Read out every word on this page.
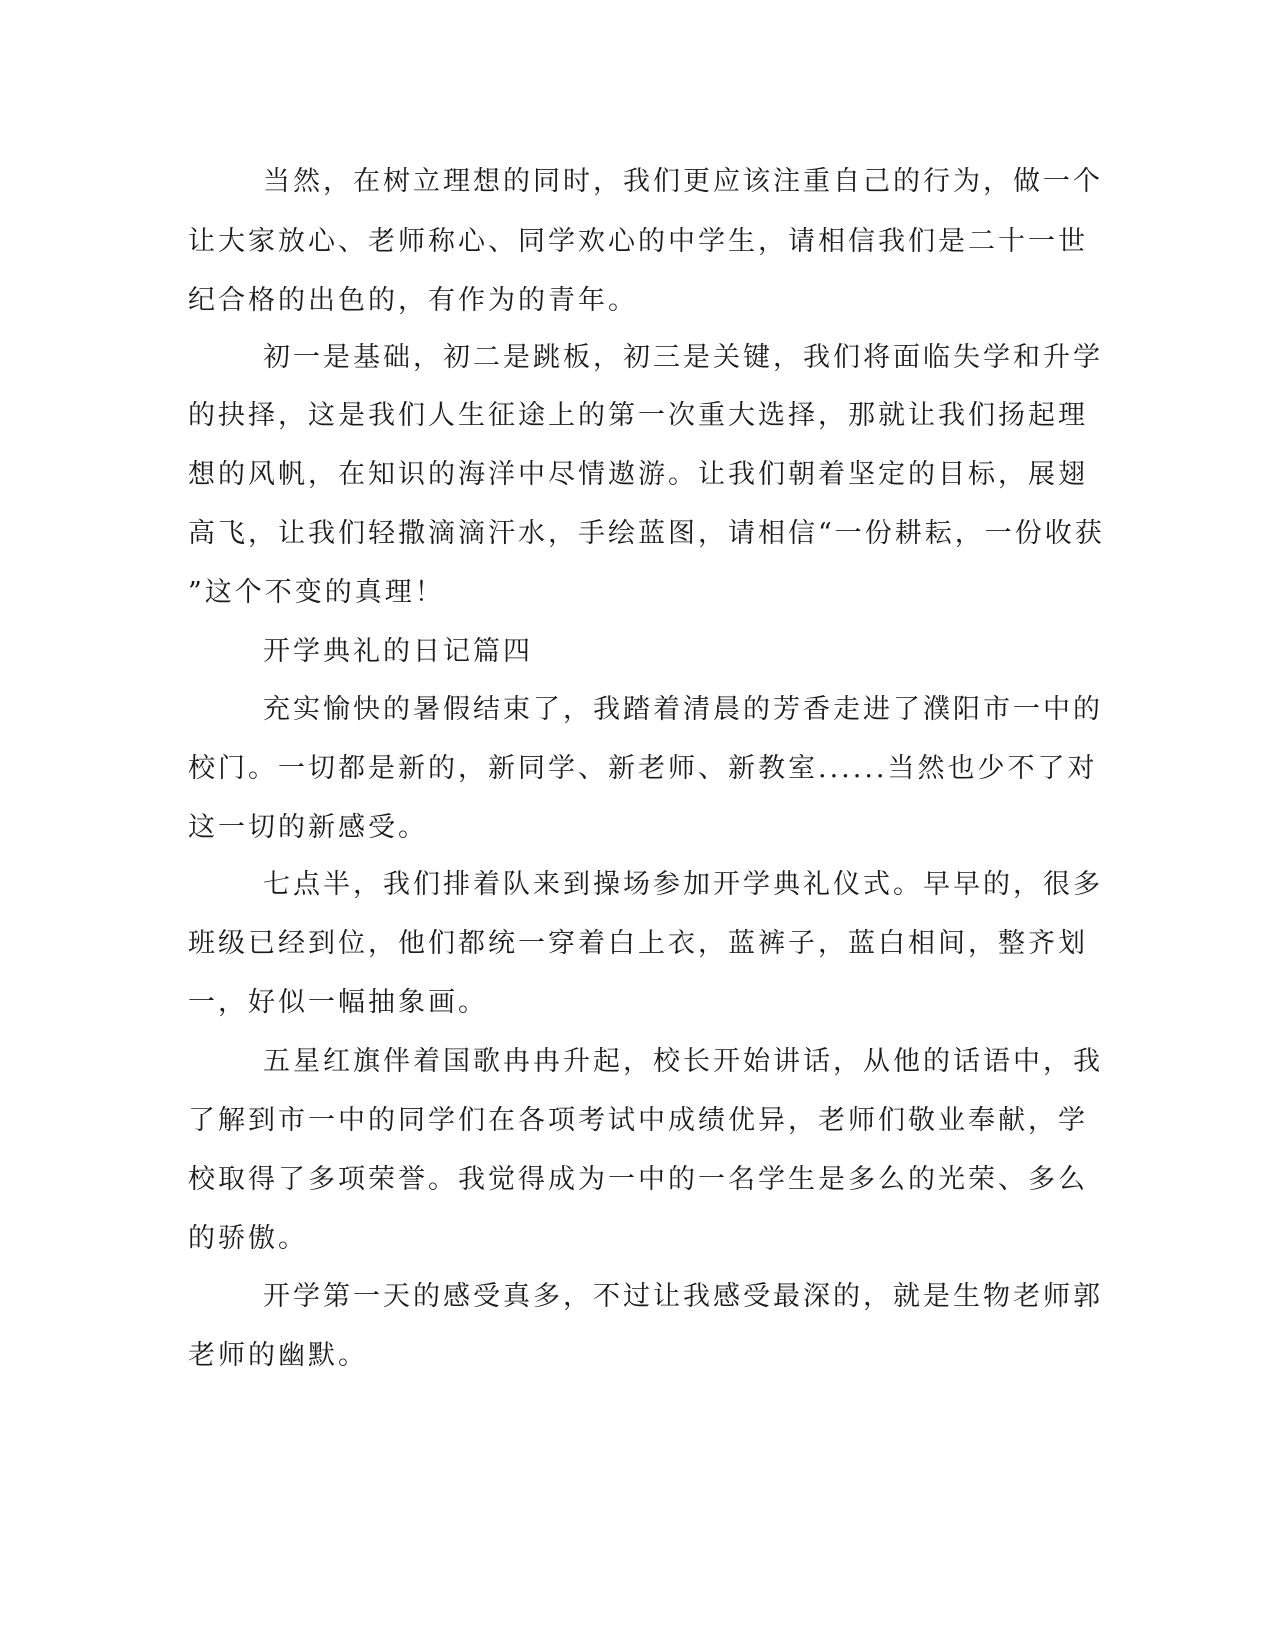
当然，在树立理想的同时，我们更应该注重自己的行为，做一个
让大家放心、老师称心、同学欢心的中学生，请相信我们是二十一世
纪合格的出色的，有作为的青年。
初一是基础，初二是跳板，初三是关键，我们将面临失学和升学
的抉择，这是我们人生征途上的第一次重大选择，那就让我们扬起理
想的风帆，在知识的海洋中尽情遨游。让我们朝着坚定的目标，展翅
高飞，让我们轻撒滴滴汗水，手绘蓝图，请相信“一份耕耘，一份收获
”这个不变的真理！
开学典礼的日记篇四
充实愉快的暑假结束了，我踏着清晨的芳香走进了濮阳市一中的
校门。一切都是新的，新同学、新老师、新教室......当然也少不了对
这一切的新感受。
七点半，我们排着队来到操场参加开学典礼仪式。早早的，很多
班级已经到位，他们都统一穿着白上衣，蓝裤子，蓝白相间，整齐划
一，好似一幅抽象画。
五星红旗伴着国歌冉冉升起，校长开始讲话，从他的话语中，我
了解到市一中的同学们在各项考试中成绩优异，老师们敬业奉献，学
校取得了多项荣誉。我觉得成为一中的一名学生是多么的光荣、多么
的骄傲。
开学第一天的感受真多，不过让我感受最深的，就是生物老师郭
老师的幽默。
